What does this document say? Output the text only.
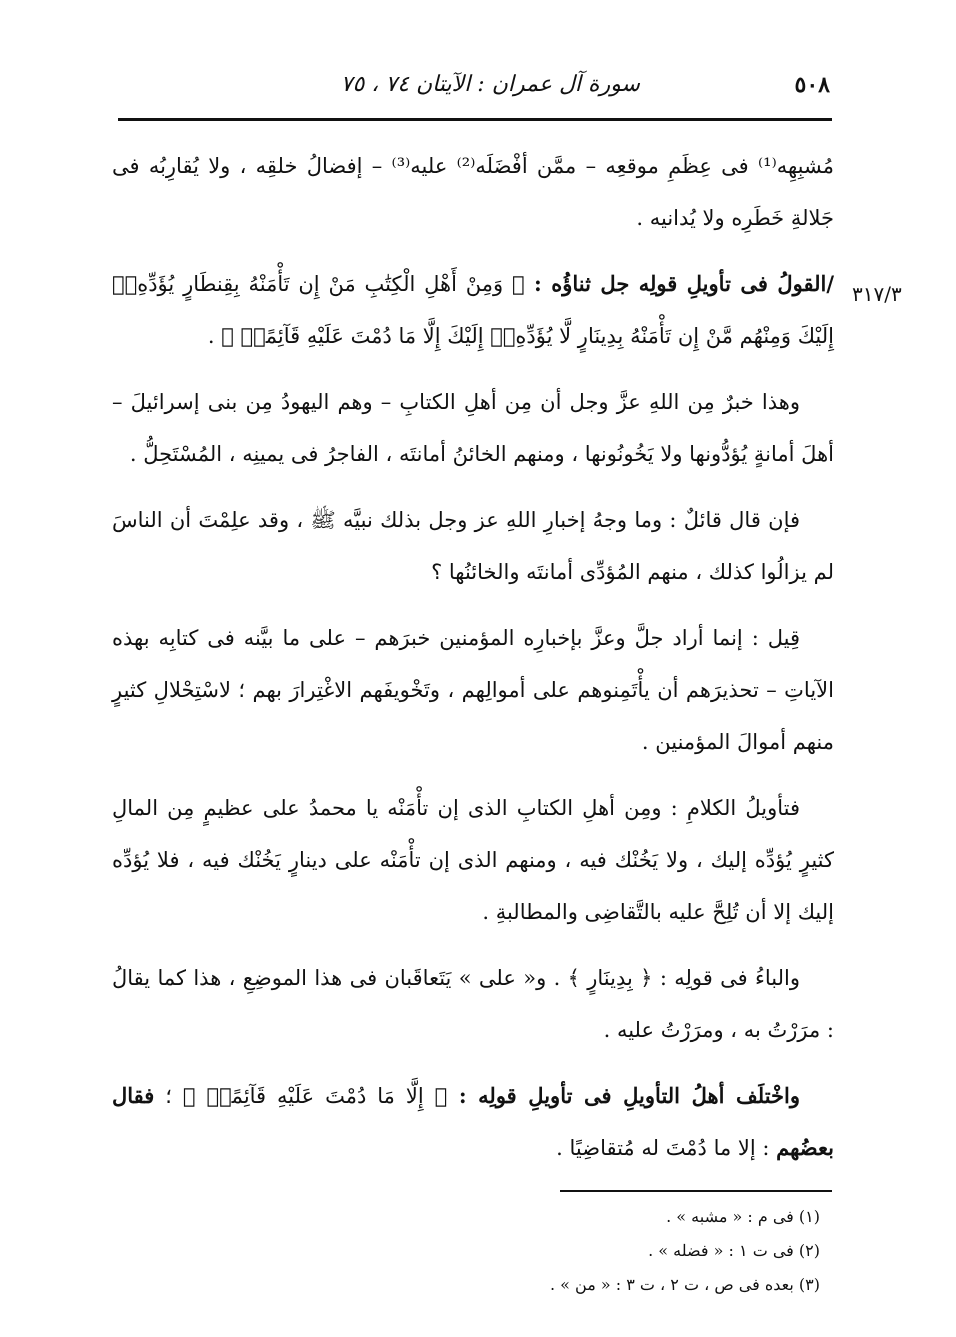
٥٠٨
سورة آل عمران : الآيتان ٧٤ ، ٧٥
٣١٧/٣

مُشبِهِه⁽¹⁾ فى عِظَمِ موقعِه – ممَّن أفْضَلَه⁽²⁾ عليه⁽³⁾ – إفضالُ خلقِه ، ولا يُقارِبُه فى جَلالةِ خَطَرِه ولا يُدانيه .

/القولُ فى تأويلِ قولِه جل ثناؤُه : ﴿ وَمِنْ أَهْلِ الْكِتَٰبِ مَنْ إِن تَأْمَنْهُ بِقِنطَارٍ يُؤَدِّهِۦٓ إِلَيْكَ وَمِنْهُم مَّنْ إِن تَأْمَنْهُ بِدِينَارٍ لَّا يُؤَدِّهِۦٓ إِلَيْكَ إِلَّا مَا دُمْتَ عَلَيْهِ قَآئِمًاۗ ﴾ .

وهذا خبرٌ مِن اللهِ عزَّ وجل أن مِن أهلِ الكتابِ – وهم اليهودُ مِن بنى إسرائيلَ – أهلَ أمانةٍ يُؤدُّونها ولا يَخُونُونها ، ومنهم الخائنُ أمانتَه ، الفاجرُ فى يمينِه ، المُسْتَحِلُّ .

فإن قال قائلٌ : وما وجهُ إخبارِ اللهِ عز وجل بذلك نبيَّه ﷺ ، وقد علِمْتَ أن الناسَ لم يزالُوا كذلك ، منهم المُؤدِّى أمانتَه والخائنُها ؟

قِيل : إنما أراد جلَّ وعزَّ بإخبارِه المؤمنين خبرَهم – على ما بيَّنه فى كتابِه بهذه الآياتِ – تحذيرَهم أن يأْتَمِنوهم على أموالِهم ، وتَخْويفَهم الاغْتِرارَ بهم ؛ لاسْتِحْلالِ كثيرٍ منهم أموالَ المؤمنين .

فتأويلُ الكلامِ : ومِن أهلِ الكتابِ الذى إن تأْمَنْه يا محمدُ على عظيمٍ مِن المالِ كثيرٍ يُؤدِّه إليك ، ولا يَخُنْك فيه ، ومنهم الذى إن تأْمَنْه على دينارٍ يَخُنْك فيه ، فلا يُؤدِّه إليك إلا أن تُلِحَّ عليه بالتَّقاضِى والمطالبةِ .

والباءُ فى قولِه : ﴿ بِدِينَارٍ ﴾ . و« على » يَتَعاقَبان فى هذا الموضِعِ ، هذا كما يقالُ : مرَرْتُ به ، ومرَرْتُ عليه .

واخْتلَف أهلُ التأويلِ فى تأويلِ قولِه : ﴿ إِلَّا مَا دُمْتَ عَلَيْهِ قَآئِمًاۗ ﴾ ؛ فقال بعضُهم : إلا ما دُمْتَ له مُتقاضِيًا .

(١) فى م : « مشبه » .
(٢) فى ت ١ : « فضله » .
(٣) بعده فى ص ، ت ٢ ، ت ٣ : « من » .
